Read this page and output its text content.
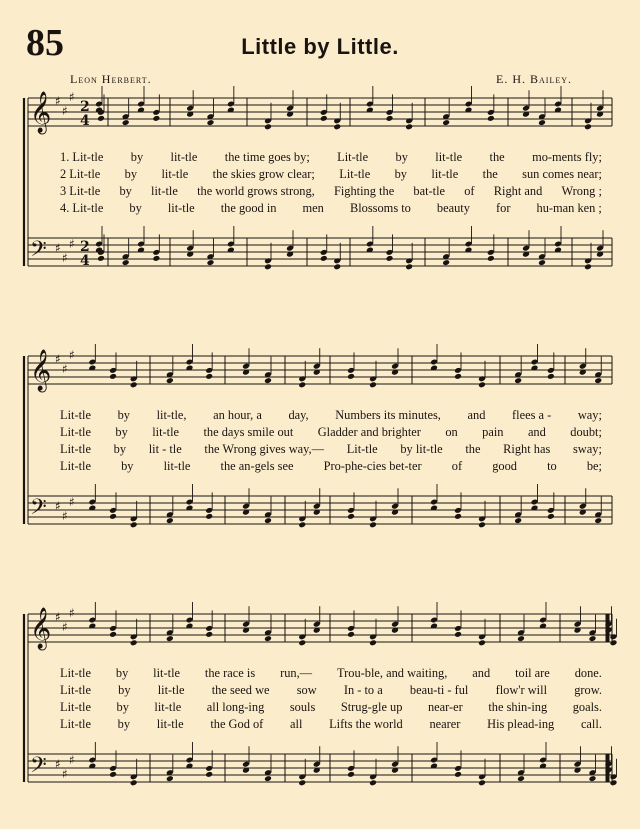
85	Little by Little.
Leon Herbert.	E. H. Bailey.
𝄞 ♯
♯
♯
2
4
𝄢 ♯
♯
♯ 2
4
𝄞 ♯
♯
♯
𝄢 ♯
♯
♯
𝄞 ♯
♯
♯
𝄢 ♯
♯
♯
1. Lit-tle by lit-tle the time goes by; Lit-tle by lit-tle the mo-ments fly;
2 Lit-tle by lit-tle the skies grow clear; Lit-tle by lit-tle the sun comes near;
3 Lit-tle by lit-tle the world grows strong, Fighting the bat-tle of Right and Wrong ;
4. Lit-tle by lit-tle the good in men Blossoms to beauty for hu-man ken ;
Lit-tle by lit-tle, an hour, a day, Numbers its minutes, and flees a - way;
Lit-tle by lit-tle the days smile out Gladder and brighter on pain and doubt;
Lit-tle by lit - tle the Wrong gives way,— Lit-tle by lit-tle the Right has sway;
Lit-tle by lit-tle the an-gels see Pro-phe-cies bet-ter of good to be;
Lit-tle by lit-tle the race is run,— Trou-ble, and waiting, and toil are done.
Lit-tle by lit-tle the seed we sow In - to a beau-ti - ful flow'r will grow.
Lit-tle by lit-tle all long-ing souls Strug-gle up near-er the shin-ing goals.
Lit-tle by lit-tle the God of all Lifts the world nearer His plead-ing call.
